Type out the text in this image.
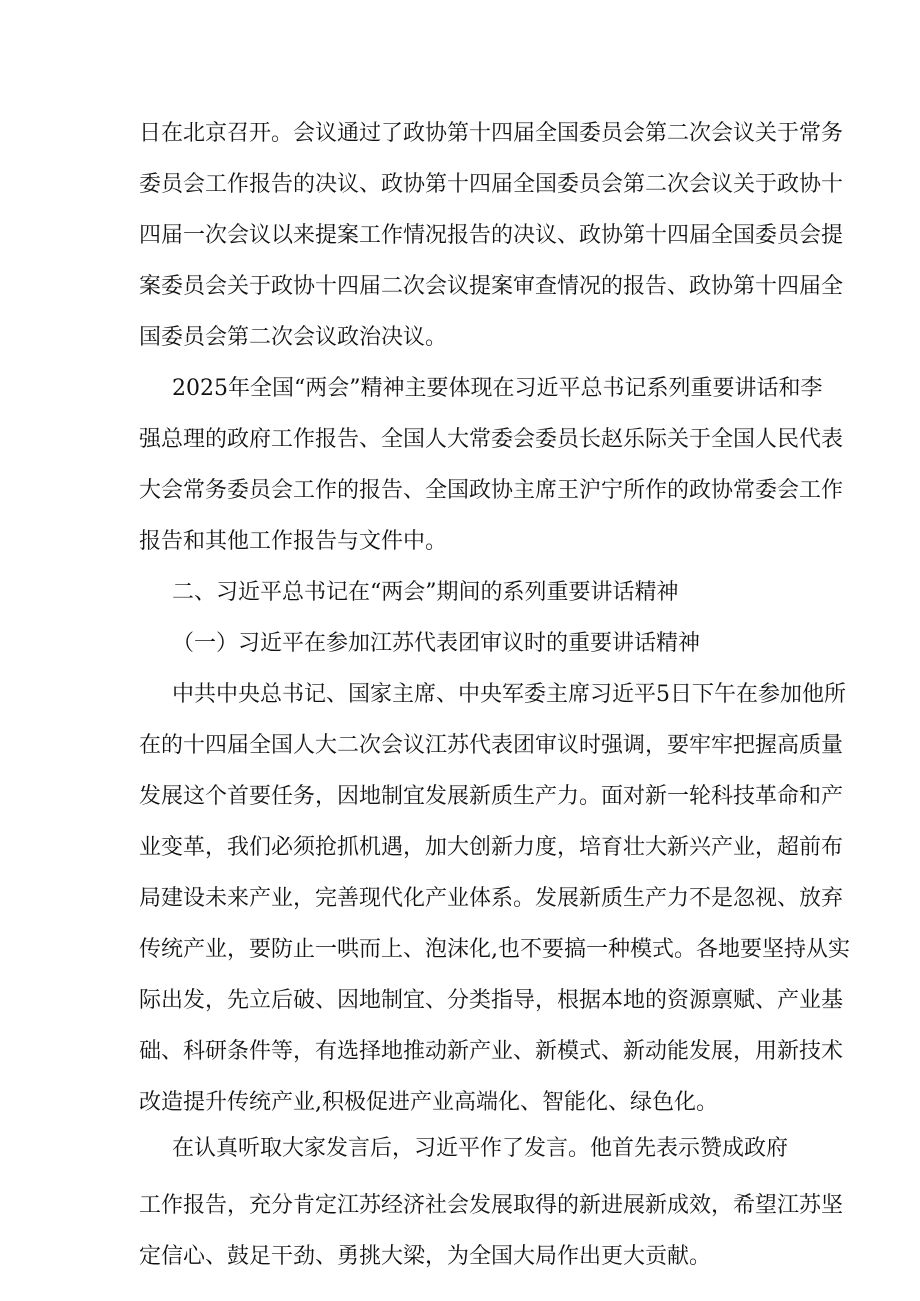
日在北京召开。会议通过了政协第十四届全国委员会第二次会议关于常务
委员会工作报告的决议、政协第十四届全国委员会第二次会议关于政协十
四届一次会议以来提案工作情况报告的决议、政协第十四届全国委员会提
案委员会关于政协十四届二次会议提案审查情况的报告、政协第十四届全
国委员会第二次会议政治决议。
2025年全国“两会”精神主要体现在习近平总书记系列重要讲话和李
强总理的政府工作报告、全国人大常委会委员长赵乐际关于全国人民代表
大会常务委员会工作的报告、全国政协主席王沪宁所作的政协常委会工作
报告和其他工作报告与文件中。
二、习近平总书记在“两会”期间的系列重要讲话精神
（一）习近平在参加江苏代表团审议时的重要讲话精神
中共中央总书记、国家主席、中央军委主席习近平5日下午在参加他所
在的十四届全国人大二次会议江苏代表团审议时强调，要牢牢把握高质量
发展这个首要任务，因地制宜发展新质生产力。面对新一轮科技革命和产
业变革，我们必须抢抓机遇，加大创新力度，培育壮大新兴产业，超前布
局建设未来产业，完善现代化产业体系。发展新质生产力不是忽视、放弃
传统产业，要防止一哄而上、泡沫化,也不要搞一种模式。各地要坚持从实
际出发，先立后破、因地制宜、分类指导，根据本地的资源禀赋、产业基
础、科研条件等，有选择地推动新产业、新模式、新动能发展，用新技术
改造提升传统产业,积极促进产业高端化、智能化、绿色化。
在认真听取大家发言后，习近平作了发言。他首先表示赞成政府
工作报告，充分肯定江苏经济社会发展取得的新进展新成效，希望江苏坚
定信心、鼓足干劲、勇挑大梁，为全国大局作出更大贡献。
